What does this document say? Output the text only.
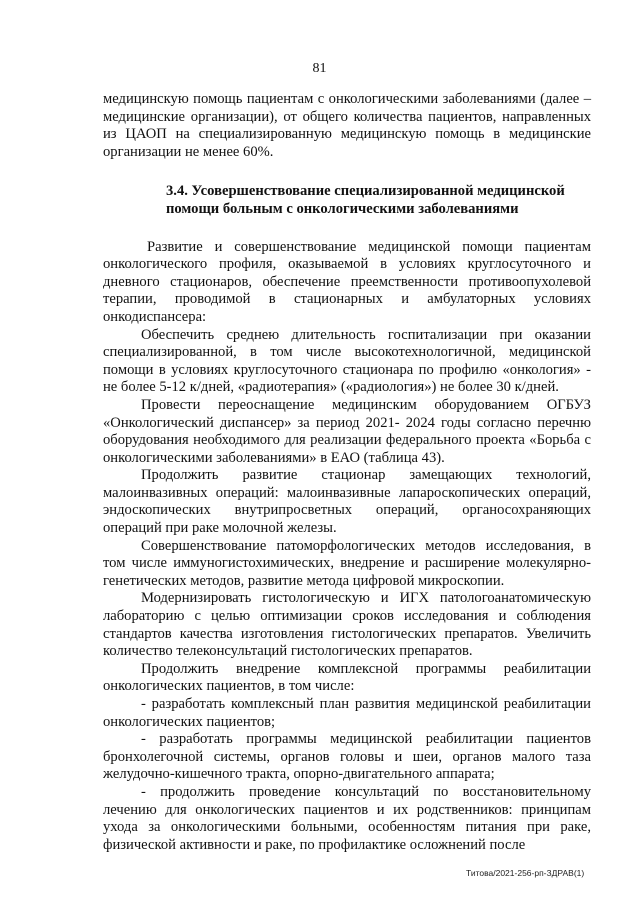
81

медицинскую помощь пациентам с онкологическими заболеваниями (далее – медицинские организации), от общего количества пациентов, направленных из ЦАОП на специализированную медицинскую помощь в медицинские организации не менее 60%.

3.4. Усовершенствование специализированной медицинской помощи больным с онкологическими заболеваниями

Развитие и совершенствование медицинской помощи пациентам онкологического профиля, оказываемой в условиях круглосуточного и дневного стационаров, обеспечение преемственности противоопухолевой терапии, проводимой в стационарных и амбулаторных условиях онкодиспансера:

Обеспечить среднею длительность госпитализации при оказании специализированной, в том числе высокотехнологичной, медицинской помощи в условиях круглосуточного стационара по профилю «онкология» - не более 5-12 к/дней, «радиотерапия» («радиология») не более 30 к/дней.

Провести переоснащение медицинским оборудованием ОГБУЗ «Онкологический диспансер» за период 2021- 2024 годы согласно перечню оборудования необходимого для реализации федерального проекта «Борьба с онкологическими заболеваниями» в ЕАО (таблица 43).

Продолжить развитие стационар замещающих технологий, малоинвазивных операций: малоинвазивные лапароскопических операций, эндоскопических внутрипросветных операций, органосохраняющих операций при раке молочной железы.

Совершенствование патоморфологических методов исследования, в том числе иммуногистохимических, внедрение и расширение молекулярно-генетических методов, развитие метода цифровой микроскопии.

Модернизировать гистологическую и ИГХ патологоанатомическую лабораторию с целью оптимизации сроков исследования и соблюдения стандартов качества изготовления гистологических препаратов. Увеличить количество телеконсультаций гистологических препаратов.

Продолжить внедрение комплексной программы реабилитации онкологических пациентов, в том числе:

- разработать комплексный план развития медицинской реабилитации онкологических пациентов;

- разработать программы медицинской реабилитации пациентов бронхолегочной системы, органов головы и шеи, органов малого таза желудочно-кишечного тракта, опорно-двигательного аппарата;

- продолжить проведение консультаций по восстановительному лечению для онкологических пациентов и их родственников: принципам ухода за онкологическими больными, особенностям питания при раке, физической активности и раке, по профилактике осложнений после

Титова/2021-256-рп-ЗДРАВ(1)
